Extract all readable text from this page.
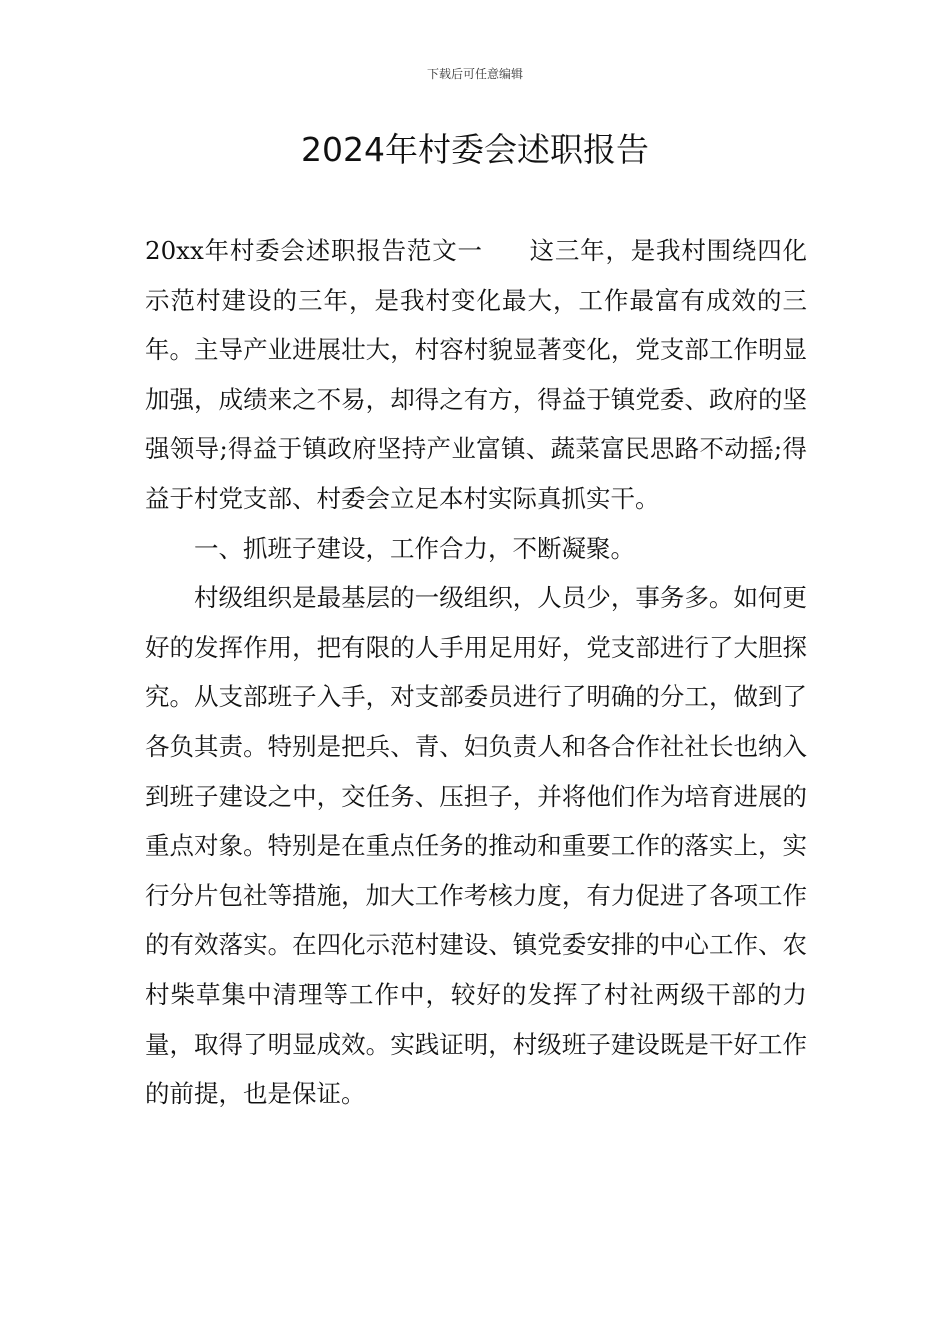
下载后可任意编辑
2024年村委会述职报告

20xx年村委会述职报告范文一 这三年，是我村围绕四化示范村建设的三年，是我村变化最大，工作最富有成效的三年。主导产业进展壮大，村容村貌显著变化，党支部工作明显加强，成绩来之不易，却得之有方，得益于镇党委、政府的坚强领导;得益于镇政府坚持产业富镇、蔬菜富民思路不动摇;得益于村党支部、村委会立足本村实际真抓实干。

一、抓班子建设，工作合力，不断凝聚。

村级组织是最基层的一级组织，人员少，事务多。如何更好的发挥作用，把有限的人手用足用好，党支部进行了大胆探究。从支部班子入手，对支部委员进行了明确的分工，做到了各负其责。特别是把兵、青、妇负责人和各合作社社长也纳入到班子建设之中，交任务、压担子，并将他们作为培育进展的重点对象。特别是在重点任务的推动和重要工作的落实上，实行分片包社等措施，加大工作考核力度，有力促进了各项工作的有效落实。在四化示范村建设、镇党委安排的中心工作、农村柴草集中清理等工作中，较好的发挥了村社两级干部的力量，取得了明显成效。实践证明，村级班子建设既是干好工作的前提，也是保证。
